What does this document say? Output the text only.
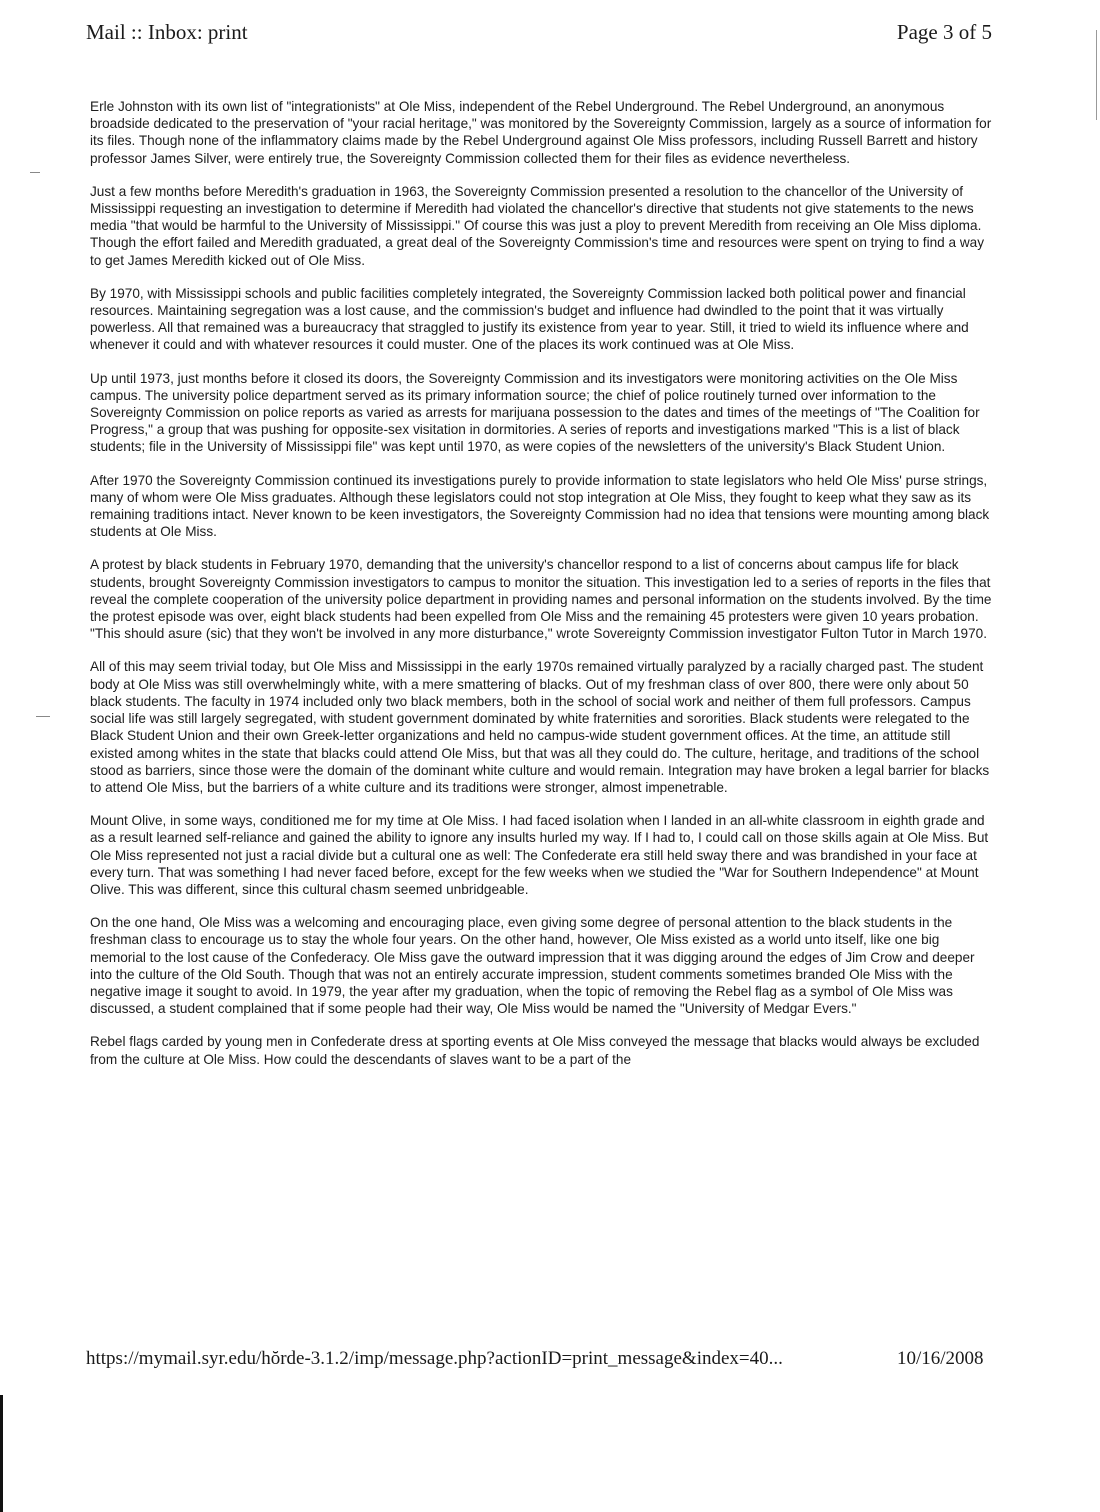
Mail :: Inbox: print	Page 3 of 5

Erle Johnston with its own list of "integrationists" at Ole Miss, independent of the Rebel Underground. The Rebel Underground, an anonymous broadside dedicated to the preservation of "your racial heritage," was monitored by the Sovereignty Commission, largely as a source of information for its files. Though none of the inflammatory claims made by the Rebel Underground against Ole Miss professors, including Russell Barrett and history professor James Silver, were entirely true, the Sovereignty Commission collected them for their files as evidence nevertheless.

Just a few months before Meredith's graduation in 1963, the Sovereignty Commission presented a resolution to the chancellor of the University of Mississippi requesting an investigation to determine if Meredith had violated the chancellor's directive that students not give statements to the news media "that would be harmful to the University of Mississippi." Of course this was just a ploy to prevent Meredith from receiving an Ole Miss diploma. Though the effort failed and Meredith graduated, a great deal of the Sovereignty Commission's time and resources were spent on trying to find a way to get James Meredith kicked out of Ole Miss.

By 1970, with Mississippi schools and public facilities completely integrated, the Sovereignty Commission lacked both political power and financial resources. Maintaining segregation was a lost cause, and the commission's budget and influence had dwindled to the point that it was virtually powerless. All that remained was a bureaucracy that straggled to justify its existence from year to year. Still, it tried to wield its influence where and whenever it could and with whatever resources it could muster. One of the places its work continued was at Ole Miss.

Up until 1973, just months before it closed its doors, the Sovereignty Commission and its investigators were monitoring activities on the Ole Miss campus. The university police department served as its primary information source; the chief of police routinely turned over information to the Sovereignty Commission on police reports as varied as arrests for marijuana possession to the dates and times of the meetings of "The Coalition for Progress," a group that was pushing for opposite-sex visitation in dormitories. A series of reports and investigations marked "This is a list of black students; file in the University of Mississippi file" was kept until 1970, as were copies of the newsletters of the university's Black Student Union.

After 1970 the Sovereignty Commission continued its investigations purely to provide information to state legislators who held Ole Miss' purse strings, many of whom were Ole Miss graduates. Although these legislators could not stop integration at Ole Miss, they fought to keep what they saw as its remaining traditions intact. Never known to be keen investigators, the Sovereignty Commission had no idea that tensions were mounting among black students at Ole Miss.

A protest by black students in February 1970, demanding that the university's chancellor respond to a list of concerns about campus life for black students, brought Sovereignty Commission investigators to campus to monitor the situation. This investigation led to a series of reports in the files that reveal the complete cooperation of the university police department in providing names and personal information on the students involved. By the time the protest episode was over, eight black students had been expelled from Ole Miss and the remaining 45 protesters were given 10 years probation. "This should asure (sic) that they won't be involved in any more disturbance," wrote Sovereignty Commission investigator Fulton Tutor in March 1970.

All of this may seem trivial today, but Ole Miss and Mississippi in the early 1970s remained virtually paralyzed by a racially charged past. The student body at Ole Miss was still overwhelmingly white, with a mere smattering of blacks. Out of my freshman class of over 800, there were only about 50 black students. The faculty in 1974 included only two black members, both in the school of social work and neither of them full professors. Campus social life was still largely segregated, with student government dominated by white fraternities and sororities. Black students were relegated to the Black Student Union and their own Greek-letter organizations and held no campus-wide student government offices. At the time, an attitude still existed among whites in the state that blacks could attend Ole Miss, but that was all they could do. The culture, heritage, and traditions of the school stood as barriers, since those were the domain of the dominant white culture and would remain. Integration may have broken a legal barrier for blacks to attend Ole Miss, but the barriers of a white culture and its traditions were stronger, almost impenetrable.

Mount Olive, in some ways, conditioned me for my time at Ole Miss. I had faced isolation when I landed in an all-white classroom in eighth grade and as a result learned self-reliance and gained the ability to ignore any insults hurled my way. If I had to, I could call on those skills again at Ole Miss. But Ole Miss represented not just a racial divide but a cultural one as well: The Confederate era still held sway there and was brandished in your face at every turn. That was something I had never faced before, except for the few weeks when we studied the "War for Southern Independence" at Mount Olive. This was different, since this cultural chasm seemed unbridgeable.

On the one hand, Ole Miss was a welcoming and encouraging place, even giving some degree of personal attention to the black students in the freshman class to encourage us to stay the whole four years. On the other hand, however, Ole Miss existed as a world unto itself, like one big memorial to the lost cause of the Confederacy. Ole Miss gave the outward impression that it was digging around the edges of Jim Crow and deeper into the culture of the Old South. Though that was not an entirely accurate impression, student comments sometimes branded Ole Miss with the negative image it sought to avoid. In 1979, the year after my graduation, when the topic of removing the Rebel flag as a symbol of Ole Miss was discussed, a student complained that if some people had their way, Ole Miss would be named the "University of Medgar Evers."

Rebel flags carded by young men in Confederate dress at sporting events at Ole Miss conveyed the message that blacks would always be excluded from the culture at Ole Miss. How could the descendants of slaves want to be a part of the

https://mymail.syr.edu/hŏrde-3.1.2/imp/message.php?actionID=print_message&index=40...	10/16/2008
